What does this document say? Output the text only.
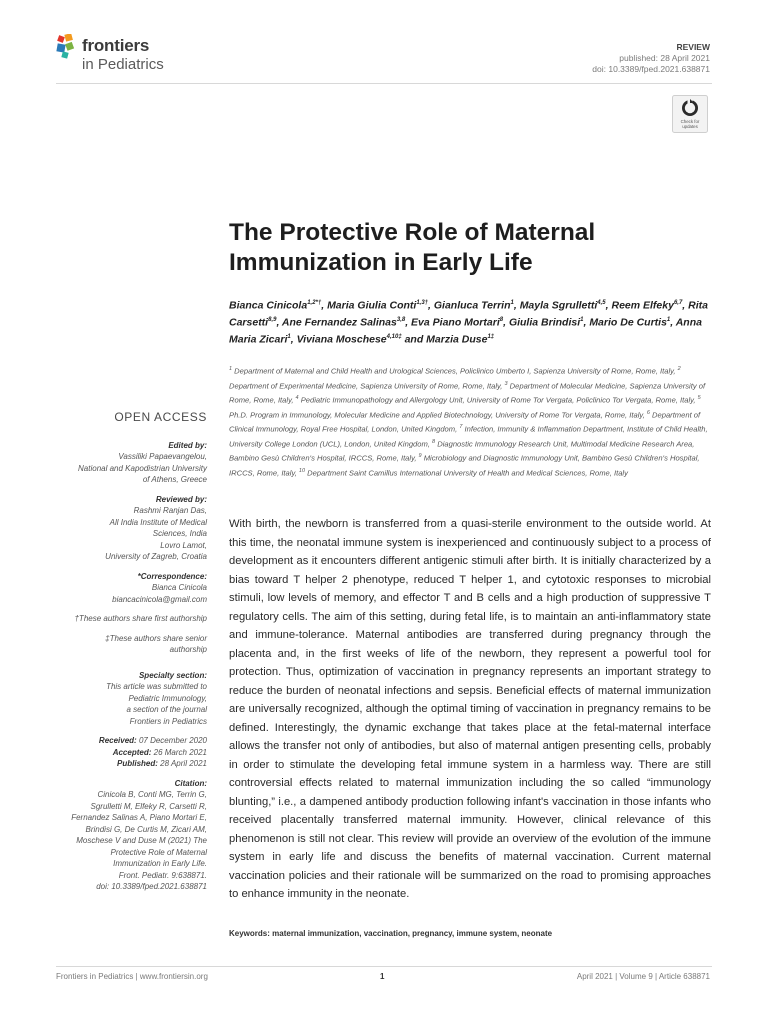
frontiers
in Pediatrics
REVIEW
published: 28 April 2021
doi: 10.3389/fped.2021.638871
Check for
updates
The Protective Role of Maternal Immunization in Early Life
Bianca Cinicola$^{1,2*\dagger}$, Maria Giulia Conti$^{1,3\dagger}$, Gianluca Terrin$^1$, Mayla Sgrulletti$^{4,5}$, Reem Elfeky$^{6,7}$, Rita Carsetti$^{8,9}$, Ane Fernandez Salinas$^{3,8}$, Eva Piano Mortari$^8$, Giulia Brindisi$^1$, Mario De Curtis$^1$, Anna Maria Zicari$^1$, Viviana Moschese$^{4,10\ddagger}$ and Marzia Duse$^{1\ddagger}$
$^1$ Department of Maternal and Child Health and Urological Sciences, Policlinico Umberto I, Sapienza University of Rome, Rome, Italy, $^2$ Department of Experimental Medicine, Sapienza University of Rome, Rome, Italy, $^3$ Department of Molecular Medicine, Sapienza University of Rome, Rome, Italy, $^4$ Pediatric Immunopathology and Allergology Unit, University of Rome Tor Vergata, Policlinico Tor Vergata, Rome, Italy, $^5$ Ph.D. Program in Immunology, Molecular Medicine and Applied Biotechnology, University of Rome Tor Vergata, Rome, Italy, $^6$ Department of Clinical Immunology, Royal Free Hospital, London, United Kingdom, $^7$ Infection, Immunity & Inflammation Department, Institute of Child Health, University College London (UCL), London, United Kingdom, $^8$ Diagnostic Immunology Research Unit, Multimodal Medicine Research Area, Bambino Gesù Children's Hospital, IRCCS, Rome, Italy, $^9$ Microbiology and Diagnostic Immunology Unit, Bambino Gesù Children's Hospital, IRCCS, Rome, Italy, $^{10}$ Department Saint Camillus International University of Health and Medical Sciences, Rome, Italy
OPEN ACCESS
Edited by:
Vassiliki Papaevangelou,
National and Kapodistrian University
of Athens, Greece
Reviewed by:
Rashmi Ranjan Das,
All India Institute of Medical
Sciences, India
Lovro Lamot,
University of Zagreb, Croatia
*Correspondence:
Bianca Cinicola
biancacinicola@gmail.com
†These authors share first authorship
‡These authors share senior
authorship
Specialty section:
This article was submitted to
Pediatric Immunology,
a section of the journal
Frontiers in Pediatrics
Received: 07 December 2020
Accepted: 26 March 2021
Published: 28 April 2021
Citation:
Cinicola B, Conti MG, Terrin G,
Sgrulletti M, Elfeky R, Carsetti R,
Fernandez Salinas A, Piano Mortari E,
Brindisi G, De Curtis M, Zicari AM,
Moschese V and Duse M (2021) The
Protective Role of Maternal
Immunization in Early Life.
Front. Pediatr. 9:638871.
doi: 10.3389/fped.2021.638871
With birth, the newborn is transferred from a quasi-sterile environment to the outside world. At this time, the neonatal immune system is inexperienced and continuously subject to a process of development as it encounters different antigenic stimuli after birth. It is initially characterized by a bias toward T helper 2 phenotype, reduced T helper 1, and cytotoxic responses to microbial stimuli, low levels of memory, and effector T and B cells and a high production of suppressive T regulatory cells. The aim of this setting, during fetal life, is to maintain an anti-inflammatory state and immune-tolerance. Maternal antibodies are transferred during pregnancy through the placenta and, in the first weeks of life of the newborn, they represent a powerful tool for protection. Thus, optimization of vaccination in pregnancy represents an important strategy to reduce the burden of neonatal infections and sepsis. Beneficial effects of maternal immunization are universally recognized, although the optimal timing of vaccination in pregnancy remains to be defined. Interestingly, the dynamic exchange that takes place at the fetal-maternal interface allows the transfer not only of antibodies, but also of maternal antigen presenting cells, probably in order to stimulate the developing fetal immune system in a harmless way. There are still controversial effects related to maternal immunization including the so called “immunology blunting,” i.e., a dampened antibody production following infant's vaccination in those infants who received placentally transferred maternal immunity. However, clinical relevance of this phenomenon is still not clear. This review will provide an overview of the evolution of the immune system in early life and discuss the benefits of maternal vaccination. Current maternal vaccination policies and their rationale will be summarized on the road to promising approaches to enhance immunity in the neonate.
Keywords: maternal immunization, vaccination, pregnancy, immune system, neonate
Frontiers in Pediatrics | www.frontiersin.org	1	April 2021 | Volume 9 | Article 638871
